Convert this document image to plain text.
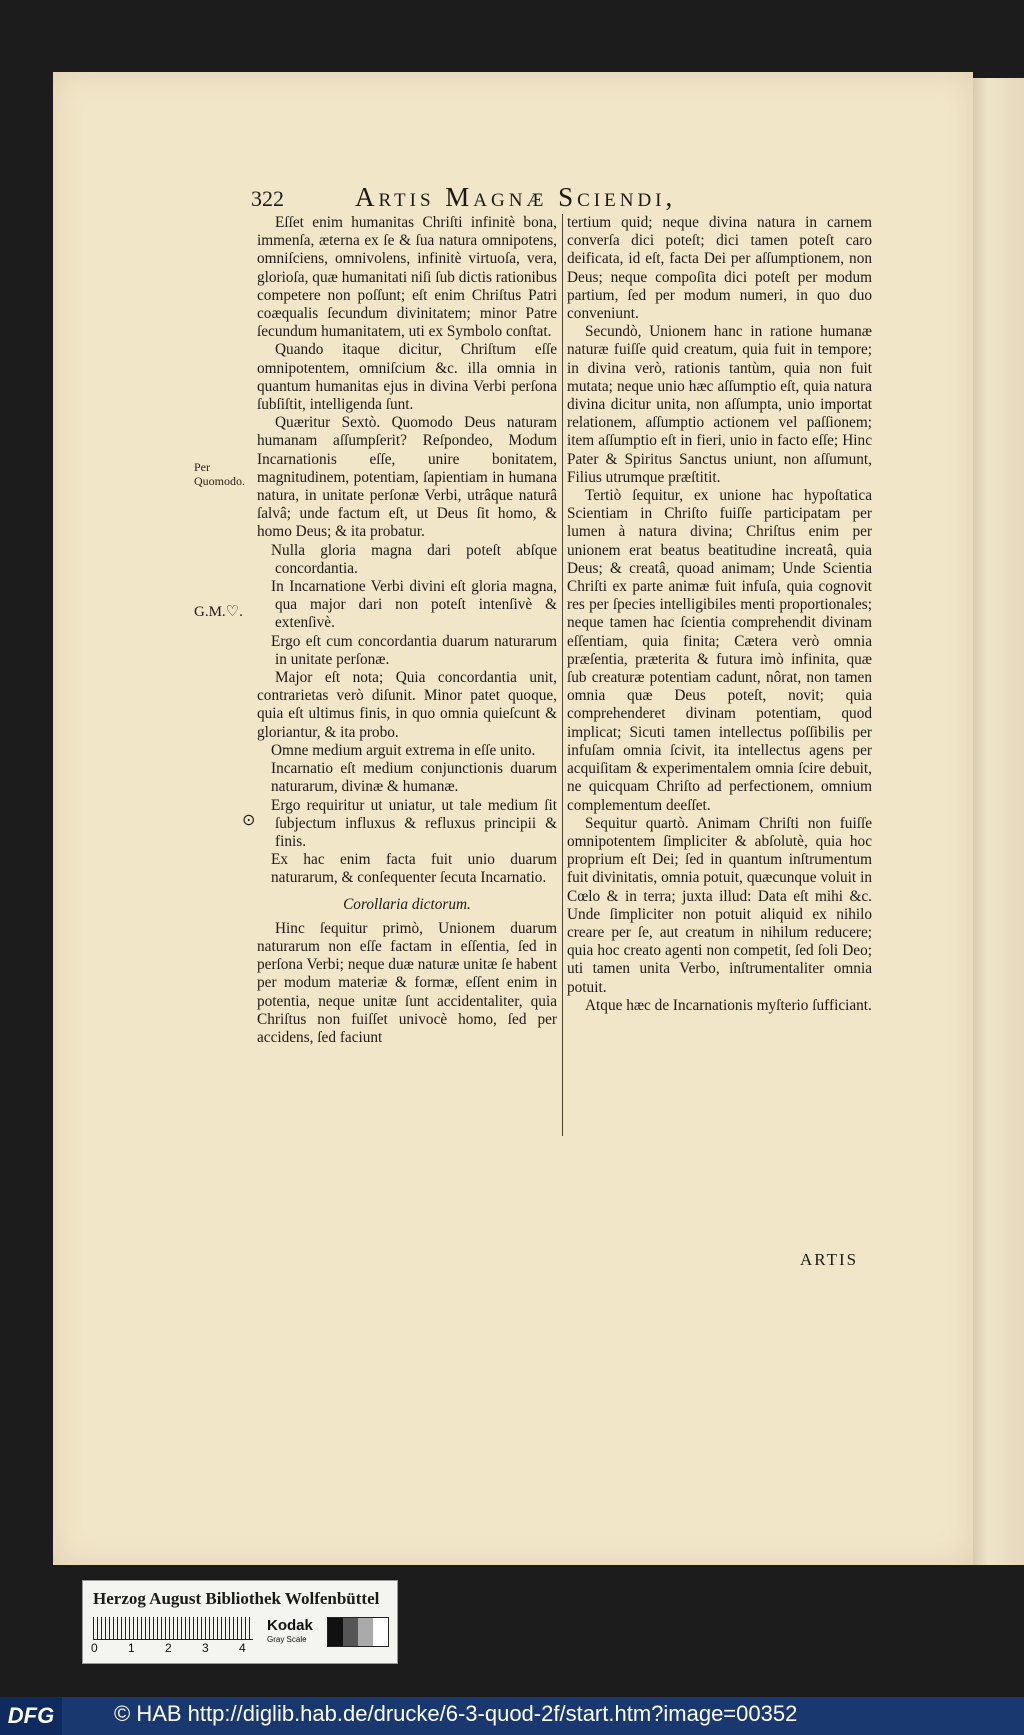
322	Artis Magnæ Sciendi,

Eſſet enim humanitas Chriſti infinitè bona, immenſa, æterna ex ſe & ſua natura omnipotens, omniſciens, omnivolens, infinitè virtuoſa, vera, glorioſa, quæ humanitati niſi ſub dictis rationibus competere non poſſunt; eſt enim Chriſtus Patri coæqualis ſecundum divinitatem; minor Patre ſecundum humanitatem, uti ex Symbolo conſtat.

Quando itaque dicitur, Chriſtum eſſe omnipotentem, omniſcium &c. illa omnia in quantum humanitas ejus in divina Verbi perſona ſubſiſtit, intelligenda ſunt.

Quæritur Sextò. Quomodo Deus naturam humanam aſſumpſerit? Reſpondeo, Modum Incarnationis eſſe, unire bonitatem, magnitudinem, potentiam, ſapientiam in humana natura, in unitate perſonæ Verbi, utrâque naturâ ſalvâ; unde factum eſt, ut Deus ſit homo, & homo Deus; & ita probatur.

Nulla gloria magna dari poteſt abſque concordantia.

In Incarnatione Verbi divini eſt gloria magna, qua major dari non poteſt intenſivè & extenſivè.

Ergo eſt cum concordantia duarum naturarum in unitate perſonæ.

Major eſt nota; Quia concordantia unit, contrarietas verò diſunit. Minor patet quoque, quia eſt ultimus finis, in quo omnia quieſcunt & gloriantur, & ita probo.

Omne medium arguit extrema in eſſe unito.

Incarnatio eſt medium conjunctionis duarum naturarum, divinæ & humanæ.

Ergo requiritur ut uniatur, ut tale medium ſit ſubjectum influxus & refluxus principii & finis.

Ex hac enim facta fuit unio duarum naturarum, & conſequenter ſecuta Incarnatio.

Corollaria dictorum.

Hinc ſequitur primò, Unionem duarum naturarum non eſſe factam in eſſentia, ſed in perſona Verbi; neque duæ naturæ unitæ ſe habent per modum materiæ & formæ, eſſent enim in potentia, neque unitæ ſunt accidentaliter, quia Chriſtus non fuiſſet univocè homo, ſed per accidens, ſed faciunt

tertium quid; neque divina natura in carnem converſa dici poteſt; dici tamen poteſt caro deificata, id eſt, facta Dei per aſſumptionem, non Deus; neque compoſita dici poteſt per modum partium, ſed per modum numeri, in quo duo conveniunt.

Secundò, Unionem hanc in ratione humanæ naturæ fuiſſe quid creatum, quia fuit in tempore; in divina verò, rationis tantùm, quia non fuit mutata; neque unio hæc aſſumptio eſt, quia natura divina dicitur unita, non aſſumpta, unio importat relationem, aſſumptio actionem vel paſſionem; item aſſumptio eſt in fieri, unio in facto eſſe; Hinc Pater & Spiritus Sanctus uniunt, non aſſumunt, Filius utrumque præſtitit.

Tertiò ſequitur, ex unione hac hypoſtatica Scientiam in Chriſto fuiſſe participatam per lumen à natura divina; Chriſtus enim per unionem erat beatus beatitudine increatâ, quia Deus; & creatâ, quoad animam; Unde Scientia Chriſti ex parte animæ fuit infuſa, quia cognovit res per ſpecies intelligibiles menti proportionales; neque tamen hac ſcientia comprehendit divinam eſſentiam, quia finita; Cætera verò omnia præſentia, præterita & futura imò infinita, quæ ſub creaturæ potentiam cadunt, nôrat, non tamen omnia quæ Deus poteſt, novit; quia comprehenderet divinam potentiam, quod implicat; Sicuti tamen intellectus poſſibilis per infuſam omnia ſcivit, ita intellectus agens per acquiſitam & experimentalem omnia ſcire debuit, ne quicquam Chriſto ad perfectionem, omnium complementum deeſſet.

Sequitur quartò. Animam Chriſti non fuiſſe omnipotentem ſimpliciter & abſolutè, quia hoc proprium eſt Dei; ſed in quantum inſtrumentum fuit divinitatis, omnia potuit, quæcunque voluit in Cœlo & in terra; juxta illud: Data eſt mihi &c. Unde ſimpliciter non potuit aliquid ex nihilo creare per ſe, aut creatum in nihilum reducere; quia hoc creato agenti non competit, ſed ſoli Deo; uti tamen unita Verbo, inſtrumentaliter omnia potuit.

Atque hæc de Incarnationis myſterio ſufficiant.

Per Quomodo.
G.M.♡.
⊙
ARTIS
Herzog August Bibliothek Wolfenbüttel
0	1	2	3	4
Kodak
Gray Scale
DFG	© HAB http://diglib.hab.de/drucke/6-3-quod-2f/start.htm?image=00352
